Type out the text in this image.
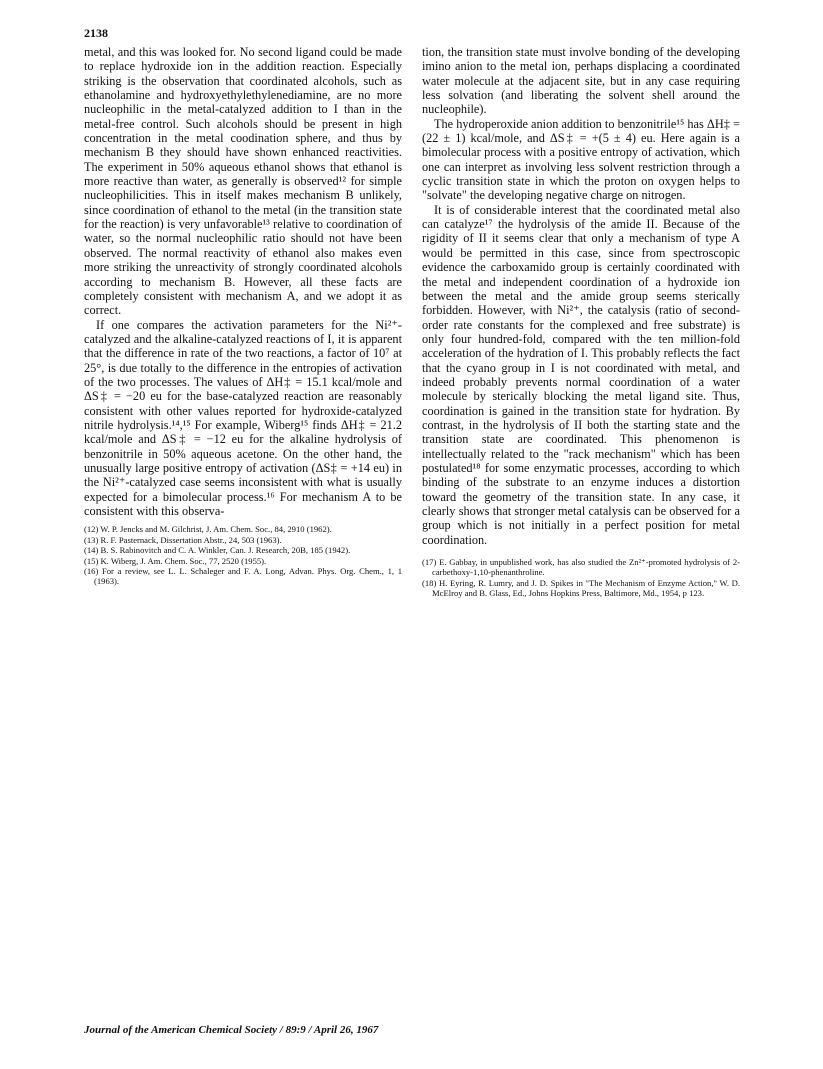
2138

metal, and this was looked for. No second ligand could be made to replace hydroxide ion in the addition reaction. Especially striking is the observation that coordinated alcohols, such as ethanolamine and hydroxyethylethylenediamine, are no more nucleophilic in the metal-catalyzed addition to I than in the metal-free control. Such alcohols should be present in high concentration in the metal coodination sphere, and thus by mechanism B they should have shown enhanced reactivities. The experiment in 50% aqueous ethanol shows that ethanol is more reactive than water, as generally is observed¹² for simple nucleophilicities. This in itself makes mechanism B unlikely, since coordination of ethanol to the metal (in the transition state for the reaction) is very unfavorable¹³ relative to coordination of water, so the normal nucleophilic ratio should not have been observed. The normal reactivity of ethanol also makes even more striking the unreactivity of strongly coordinated alcohols according to mechanism B. However, all these facts are completely consistent with mechanism A, and we adopt it as correct.

If one compares the activation parameters for the Ni²⁺-catalyzed and the alkaline-catalyzed reactions of I, it is apparent that the difference in rate of the two reactions, a factor of 10⁷ at 25°, is due totally to the difference in the entropies of activation of the two processes. The values of ΔH‡ = 15.1 kcal/mole and ΔS‡ = −20 eu for the base-catalyzed reaction are reasonably consistent with other values reported for hydroxide-catalyzed nitrile hydrolysis.¹⁴,¹⁵ For example, Wiberg¹⁵ finds ΔH‡ = 21.2 kcal/mole and ΔS‡ = −12 eu for the alkaline hydrolysis of benzonitrile in 50% aqueous acetone. On the other hand, the unusually large positive entropy of activation (ΔS‡ = +14 eu) in the Ni²⁺-catalyzed case seems inconsistent with what is usually expected for a bimolecular process.¹⁶ For mechanism A to be consistent with this observa-

(12) W. P. Jencks and M. Gilchrist, J. Am. Chem. Soc., 84, 2910 (1962).

(13) R. F. Pasternack, Dissertation Abstr., 24, 503 (1963).

(14) B. S. Rabinovitch and C. A. Winkler, Can. J. Research, 20B, 185 (1942).

(15) K. Wiberg, J. Am. Chem. Soc., 77, 2520 (1955).

(16) For a review, see L. L. Schaleger and F. A. Long, Advan. Phys. Org. Chem., 1, 1 (1963).

tion, the transition state must involve bonding of the developing imino anion to the metal ion, perhaps displacing a coordinated water molecule at the adjacent site, but in any case requiring less solvation (and liberating the solvent shell around the nucleophile).

The hydroperoxide anion addition to benzonitrile¹⁵ has ΔH‡ = (22 ± 1) kcal/mole, and ΔS‡ = +(5 ± 4) eu. Here again is a bimolecular process with a positive entropy of activation, which one can interpret as involving less solvent restriction through a cyclic transition state in which the proton on oxygen helps to "solvate" the developing negative charge on nitrogen.

It is of considerable interest that the coordinated metal also can catalyze¹⁷ the hydrolysis of the amide II. Because of the rigidity of II it seems clear that only a mechanism of type A would be permitted in this case, since from spectroscopic evidence the carboxamido group is certainly coordinated with the metal and independent coordination of a hydroxide ion between the metal and the amide group seems sterically forbidden. However, with Ni²⁺, the catalysis (ratio of second-order rate constants for the complexed and free substrate) is only four hundred-fold, compared with the ten million-fold acceleration of the hydration of I. This probably reflects the fact that the cyano group in I is not coordinated with metal, and indeed probably prevents normal coordination of a water molecule by sterically blocking the metal ligand site. Thus, coordination is gained in the transition state for hydration. By contrast, in the hydrolysis of II both the starting state and the transition state are coordinated. This phenomenon is intellectually related to the "rack mechanism" which has been postulated¹⁸ for some enzymatic processes, according to which binding of the substrate to an enzyme induces a distortion toward the geometry of the transition state. In any case, it clearly shows that stronger metal catalysis can be observed for a group which is not initially in a perfect position for metal coordination.

(17) E. Gabbay, in unpublished work, has also studied the Zn²⁺-promoted hydrolysis of 2-carbethoxy-1,10-phenanthroline.

(18) H. Eyring, R. Lumry, and J. D. Spikes in "The Mechanism of Enzyme Action," W. D. McElroy and B. Glass, Ed., Johns Hopkins Press, Baltimore, Md., 1954, p 123.

Journal of the American Chemical Society / 89:9 / April 26, 1967
